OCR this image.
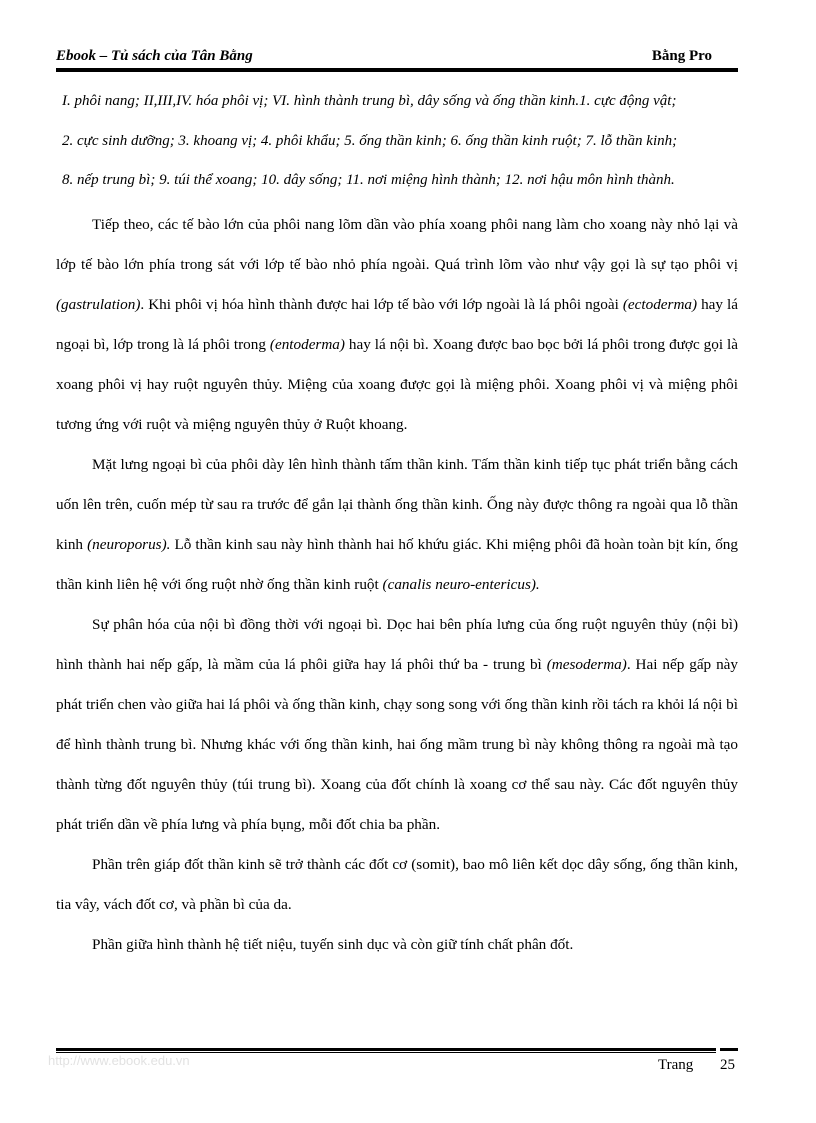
Ebook – Tủ sách của Tân Bằng	Bằng Pro

I. phôi nang; II,III,IV. hóa phôi vị; VI. hình thành trung bì, dây sống và ống thần kinh.1. cực động vật;

2. cực sinh dưỡng; 3. khoang vị; 4. phôi khẩu; 5. ống thần kinh; 6. ống thần kinh ruột; 7. lỗ thần kinh;

8. nếp trung bì; 9. túi thể xoang; 10. dây sống; 11. nơi miệng hình thành; 12. nơi hậu môn hình thành.

Tiếp theo, các tế bào lớn của phôi nang lõm dần vào phía xoang phôi nang làm cho xoang này nhỏ lại và lớp tế bào lớn phía trong sát với lớp tế bào nhỏ phía ngoài. Quá trình lõm vào như vậy gọi là sự tạo phôi vị (gastrulation). Khi phôi vị hóa hình thành được hai lớp tế bào với lớp ngoài là lá phôi ngoài (ectoderma) hay lá ngoại bì, lớp trong là lá phôi trong (entoderma) hay lá nội bì. Xoang được bao bọc bởi lá phôi trong được gọi là xoang phôi vị hay ruột nguyên thủy. Miệng của xoang được gọi là miệng phôi. Xoang phôi vị và miệng phôi tương ứng với ruột và miệng nguyên thủy ở Ruột khoang.

Mặt lưng ngoại bì của phôi dày lên hình thành tấm thần kinh. Tấm thần kinh tiếp tục phát triển bằng cách uốn lên trên, cuốn mép từ sau ra trước để gắn lại thành ống thần kinh. Ống này được thông ra ngoài qua lỗ thần kinh (neuroporus). Lỗ thần kinh sau này hình thành hai hố khứu giác. Khi miệng phôi đã hoàn toàn bịt kín, ống thần kinh liên hệ với ống ruột nhờ ống thần kinh ruột (canalis neuro-entericus).

Sự phân hóa của nội bì đồng thời với ngoại bì. Dọc hai bên phía lưng của ống ruột nguyên thủy (nội bì) hình thành hai nếp gấp, là mầm của lá phôi giữa hay lá phôi thứ ba - trung bì (mesoderma). Hai nếp gấp này phát triển chen vào giữa hai lá phôi và ống thần kinh, chạy song song với ống thần kinh rồi tách ra khỏi lá nội bì để hình thành trung bì. Nhưng khác với ống thần kinh, hai ống mầm trung bì này không thông ra ngoài mà tạo thành từng đốt nguyên thủy (túi trung bì). Xoang của đốt chính là xoang cơ thể sau này. Các đốt nguyên thủy phát triển dần về phía lưng và phía bụng, mỗi đốt chia ba phần.

Phần trên giáp đốt thần kinh sẽ trở thành các đốt cơ (somit), bao mô liên kết dọc dây sống, ống thần kinh, tia vây, vách đốt cơ, và phần bì của da.

Phần giữa hình thành hệ tiết niệu, tuyến sinh dục và còn giữ tính chất phân đốt.

http://www.ebook.edu.vn	Trang 25
